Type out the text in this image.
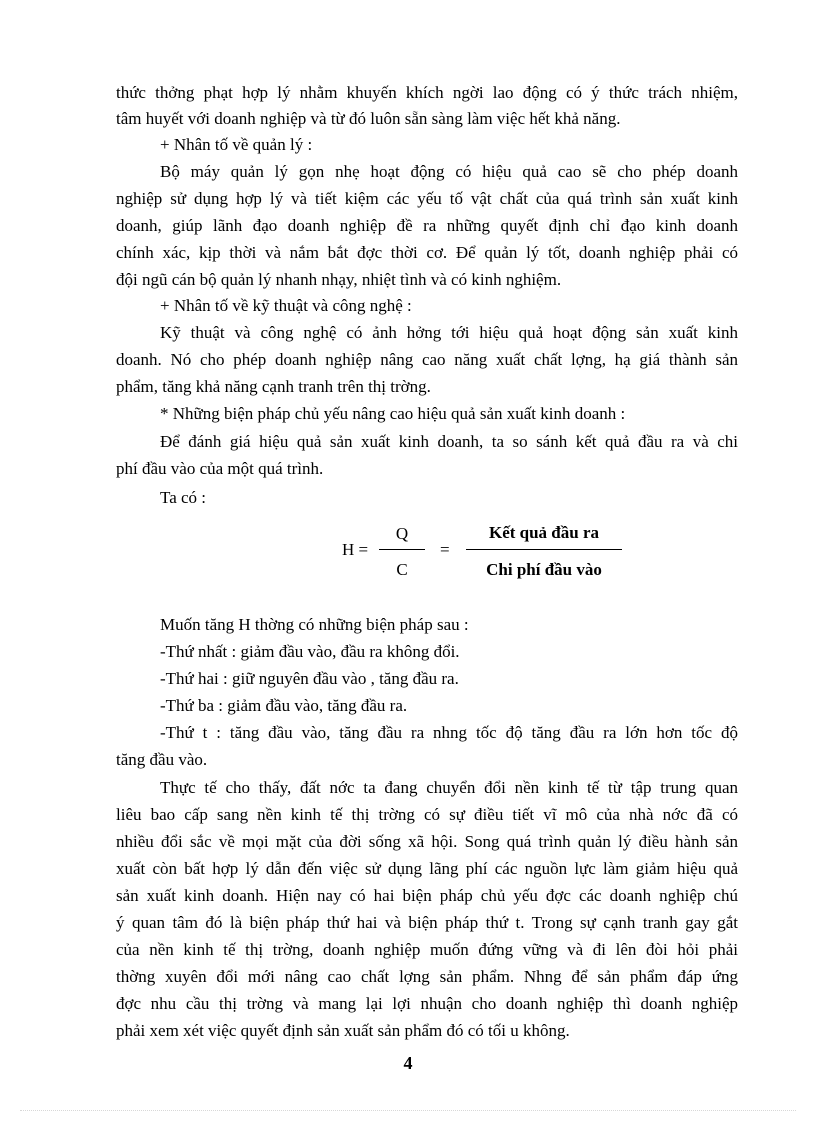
thức thởng phạt hợp lý nhằm khuyến khích ngời lao động có ý thức trách nhiệm,
tâm huyết với doanh nghiệp và từ đó luôn sẵn sàng làm việc hết khả năng.
+ Nhân tố về quản lý :
Bộ máy quản lý gọn nhẹ hoạt động có hiệu quả cao sẽ cho phép doanh
nghiệp sử dụng hợp lý và tiết kiệm các yếu tố vật chất của quá trình sản xuất kinh
doanh, giúp lãnh đạo doanh nghiệp đề ra những quyết định chỉ đạo kinh doanh
chính xác, kịp thời và nắm bắt đợc thời cơ. Để quản lý tốt, doanh nghiệp phải có
đội ngũ cán bộ quản lý nhanh nhạy, nhiệt tình và có kinh nghiệm.
+ Nhân tố về kỹ thuật và công nghệ :
Kỹ thuật và công nghệ có ảnh hởng tới hiệu quả hoạt động sản xuất kinh
doanh. Nó cho phép doanh nghiệp nâng cao năng xuất chất lợng, hạ giá thành sản
phẩm, tăng khả năng cạnh tranh trên thị trờng.
* Những biện pháp chủ yếu nâng cao hiệu quả sản xuất kinh doanh :
Để đánh giá hiệu quả sản xuất kinh doanh, ta so sánh kết quả đầu ra và chi
phí đầu vào của một quá trình.
Ta có :
H =
Q
C
=
Kết quả đầu ra
Chi phí đầu vào
Muốn tăng H thờng có những biện pháp sau :
-Thứ nhất : giảm đầu vào, đầu ra không đổi.
-Thứ hai : giữ nguyên đầu vào , tăng đầu ra.
-Thứ ba : giảm đầu vào, tăng đầu ra.
-Thứ t : tăng đầu vào, tăng đầu ra nhng tốc độ tăng đầu ra lớn hơn tốc độ
tăng đầu vào.
Thực tế cho thấy, đất nớc ta đang chuyển đổi nền kinh tế từ tập trung quan
liêu bao cấp sang nền kinh tế thị trờng có sự điều tiết vĩ mô của nhà nớc đã có
nhiều đổi sắc về mọi mặt của đời sống xã hội. Song quá trình quản lý điều hành sản
xuất còn bất hợp lý dẫn đến việc sử dụng lãng phí các nguồn lực làm giảm hiệu quả
sản xuất kinh doanh. Hiện nay có hai biện pháp chủ yếu đợc các doanh nghiệp chú
ý quan tâm đó là biện pháp thứ hai và biện pháp thứ t. Trong sự cạnh tranh gay gắt
của nền kinh tế thị trờng, doanh nghiệp muốn đứng vững và đi lên đòi hỏi phải
thờng xuyên đổi mới nâng cao chất lợng sản phẩm. Nhng để sản phẩm đáp ứng
đợc nhu cầu thị trờng và mang lại lợi nhuận cho doanh nghiệp thì doanh nghiệp
phải xem xét việc quyết định sản xuất sản phẩm đó có tối u không.
4
